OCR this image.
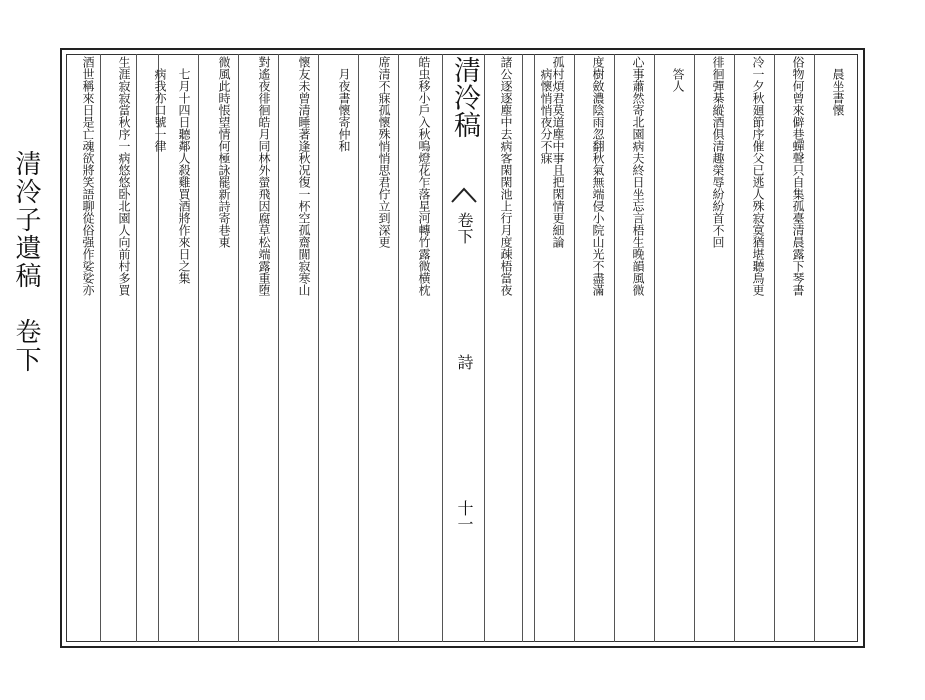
清泠子遺稿　卷下
　晨坐書懷
俗物何曾來僻巷蟬聲只自集孤臺清晨露下琴書
冷一夕秋廻節序催父已逃人殊寂寞猶堪聽鳥更
徘徊彈棊縱酒俱清趣榮辱紛紛首不回
　答人
心事蕭然寄北園病夫終日坐忘言梧生晚韻風微
度樹斂濃陰雨忽翻秋氣無端侵小院山光不盡滿
孤村煩君莫道塵中事且把閑情更細論
　病懷悄悄夜分不寐
諸公逐逐塵中去病客閑閑池上行月度疎梧當夜
清泠稿
卷下
詩
十一
皓虫移小戶入秋鳴燈花乍落星河轉竹露微横枕
席清不寐孤懷殊悄悄思君佇立到深更
　月夜書懷寄仲和
懷友未曾清睡著逢秋况復一杯空孤齋閴寂寒山
對遙夜徘徊皓月同林外螢飛因腐草松端露重堕
微風此時悵望情何極詠罷新詩寄巷東
　七月十四日聽鄰人殺雞買酒將作來日之集
　病我亦口號一律
生涯寂寂當秋序一病悠悠卧北園人向前村多買
酒世稱來日是亡魂欲將笑語聊從俗强作娑娑亦
